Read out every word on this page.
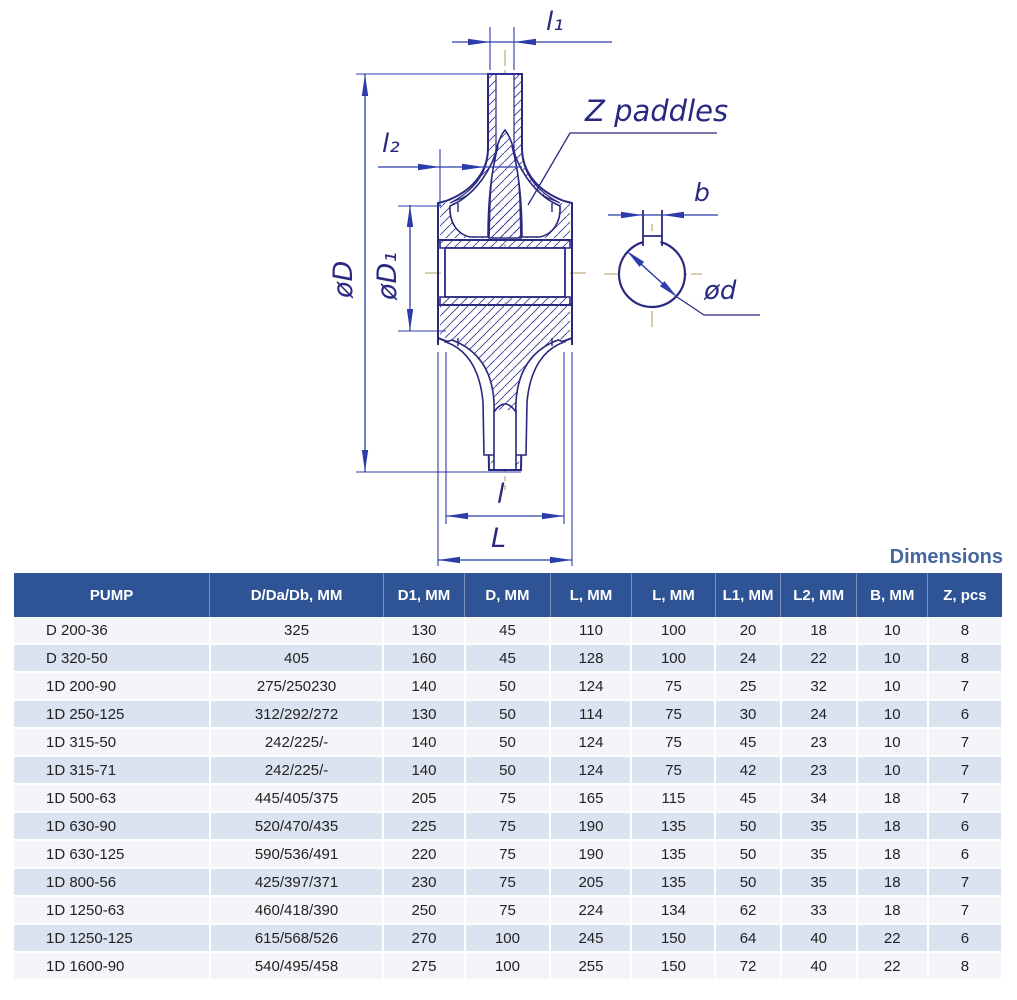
l₁
l₂
øD øD₁
Z paddles
b
ød
l
L
Dimensions
PUMP	D/Da/Db, MM	D1, MM	D, MM	L, MM	L, MM	L1, MM	L2, MM	B, MM	Z, pcs
D 200-36	325	130	45	110	100	20	18	10	8
D 320-50	405	160	45	128	100	24	22	10	8
1D 200-90	275/250230	140	50	124	75	25	32	10	7
1D 250-125	312/292/272	130	50	114	75	30	24	10	6
1D 315-50	242/225/-	140	50	124	75	45	23	10	7
1D 315-71	242/225/-	140	50	124	75	42	23	10	7
1D 500-63	445/405/375	205	75	165	115	45	34	18	7
1D 630-90	520/470/435	225	75	190	135	50	35	18	6
1D 630-125	590/536/491	220	75	190	135	50	35	18	6
1D 800-56	425/397/371	230	75	205	135	50	35	18	7
1D 1250-63	460/418/390	250	75	224	134	62	33	18	7
1D 1250-125	615/568/526	270	100	245	150	64	40	22	6
1D 1600-90	540/495/458	275	100	255	150	72	40	22	8
